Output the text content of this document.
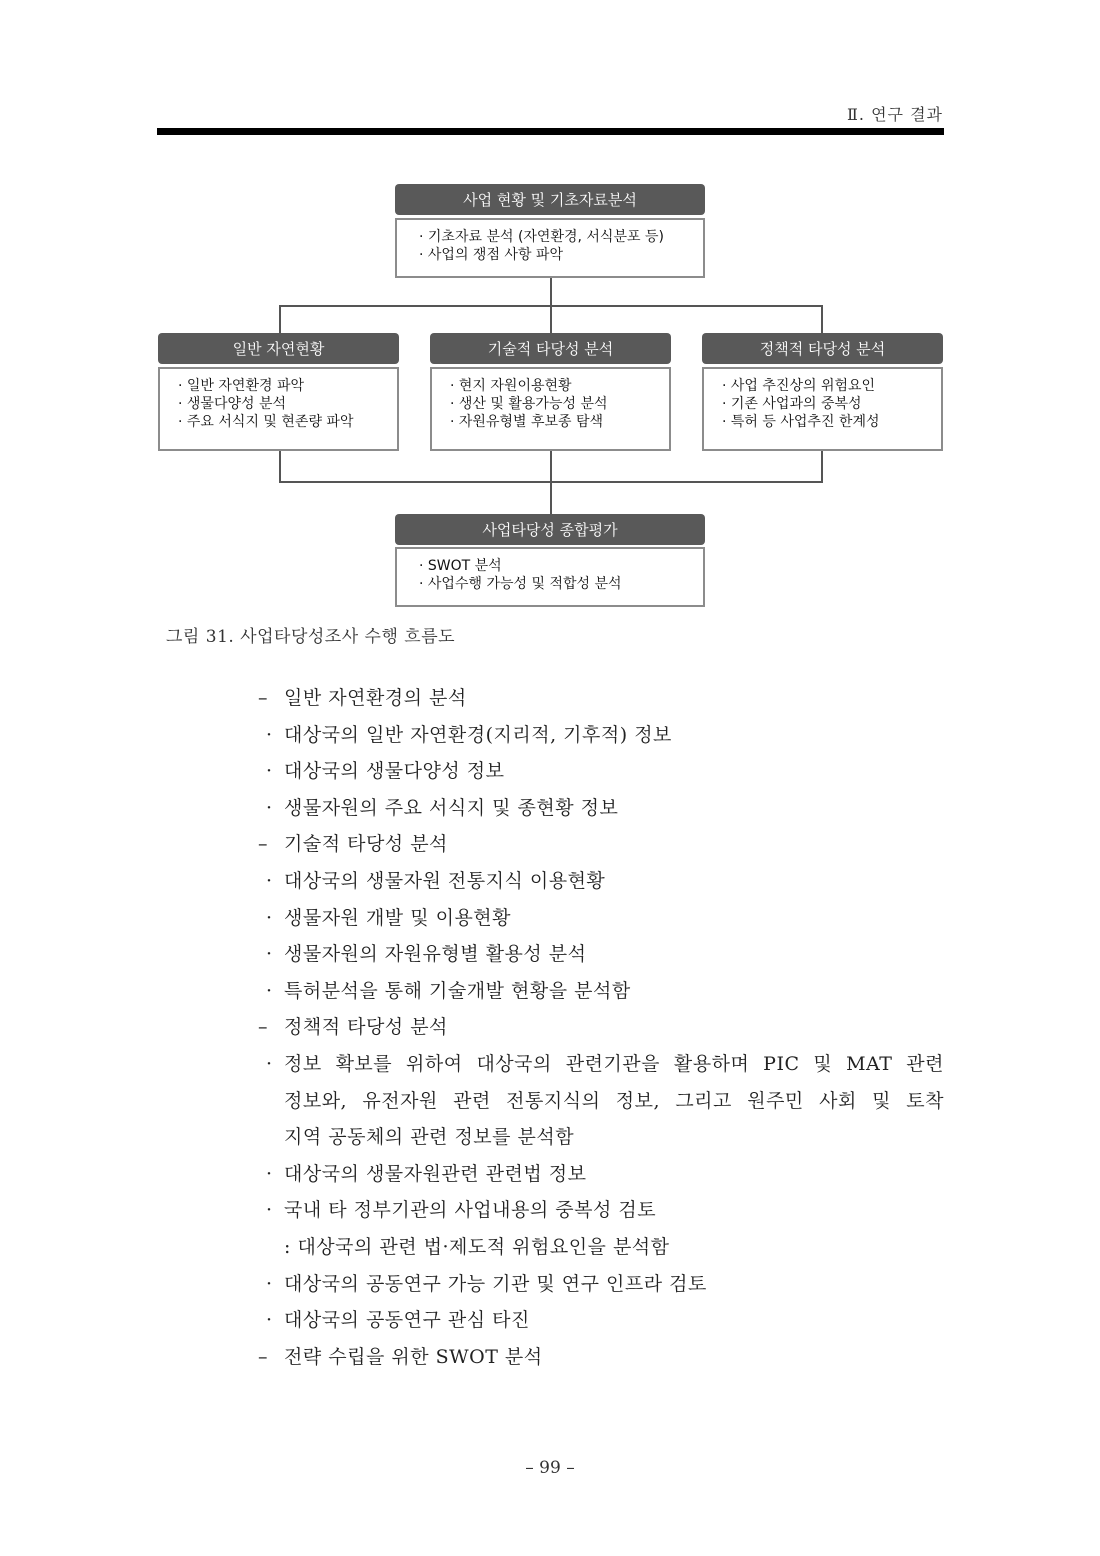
Ⅱ. 연구 결과
사업 현황 및 기초자료분석
· 기초자료 분석 (자연환경, 서식분포 등)
· 사업의 쟁점 사항 파악
일반 자연현황
· 일반 자연환경 파악
· 생물다양성 분석
· 주요 서식지 및 현존량 파악
기술적 타당성 분석
· 현지 자원이용현황
· 생산 및 활용가능성 분석
· 자원유형별 후보종 탐색
정책적 타당성 분석
· 사업 추진상의 위험요인
· 기존 사업과의 중복성
· 특허 등 사업추진 한계성
사업타당성 종합평가
· SWOT 분석
· 사업수행 가능성 및 적합성 분석
그림 31. 사업타당성조사 수행 흐름도
– 일반 자연환경의 분석
· 대상국의 일반 자연환경(지리적, 기후적) 정보
· 대상국의 생물다양성 정보
· 생물자원의 주요 서식지 및 종현황 정보
– 기술적 타당성 분석
· 대상국의 생물자원 전통지식 이용현황
· 생물자원 개발 및 이용현황
· 생물자원의 자원유형별 활용성 분석
· 특허분석을 통해 기술개발 현황을 분석함
– 정책적 타당성 분석
· 정보 확보를 위하여 대상국의 관련기관을 활용하며 PIC 및 MAT 관련
정보와, 유전자원 관련 전통지식의 정보, 그리고 원주민 사회 및 토착
지역 공동체의 관련 정보를 분석함
· 대상국의 생물자원관련 관련법 정보
· 국내 타 정부기관의 사업내용의 중복성 검토
: 대상국의 관련 법·제도적 위험요인을 분석함
· 대상국의 공동연구 가능 기관 및 연구 인프라 검토
· 대상국의 공동연구 관심 타진
– 전략 수립을 위한 SWOT 분석
– 99 –
